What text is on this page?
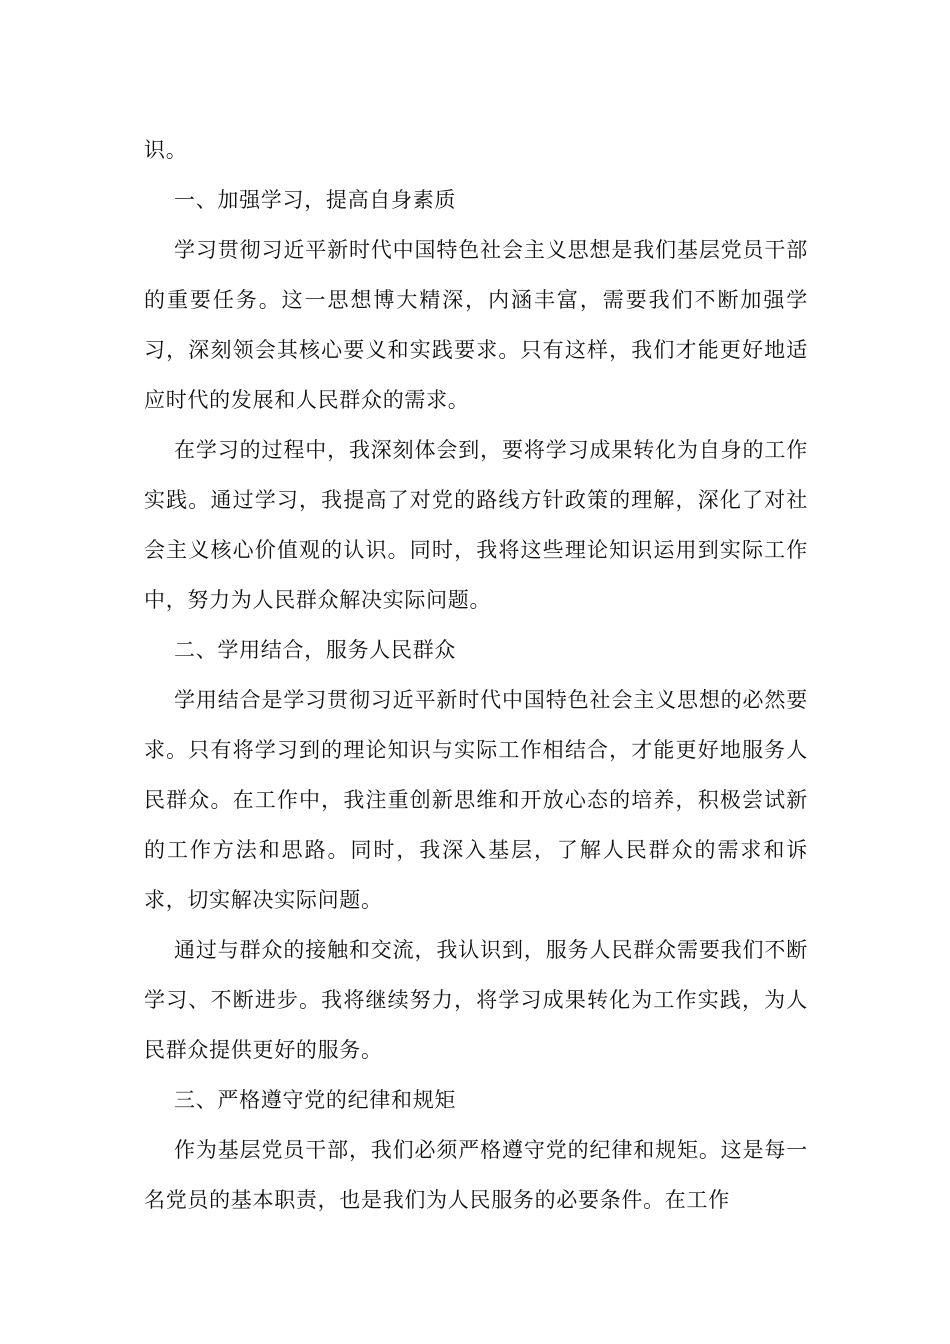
识。

一、加强学习，提高自身素质

学习贯彻习近平新时代中国特色社会主义思想是我们基层党员干部的重要任务。这一思想博大精深，内涵丰富，需要我们不断加强学习，深刻领会其核心要义和实践要求。只有这样，我们才能更好地适应时代的发展和人民群众的需求。

在学习的过程中，我深刻体会到，要将学习成果转化为自身的工作实践。通过学习，我提高了对党的路线方针政策的理解，深化了对社会主义核心价值观的认识。同时，我将这些理论知识运用到实际工作中，努力为人民群众解决实际问题。

二、学用结合，服务人民群众

学用结合是学习贯彻习近平新时代中国特色社会主义思想的必然要求。只有将学习到的理论知识与实际工作相结合，才能更好地服务人民群众。在工作中，我注重创新思维和开放心态的培养，积极尝试新的工作方法和思路。同时，我深入基层，了解人民群众的需求和诉求，切实解决实际问题。

通过与群众的接触和交流，我认识到，服务人民群众需要我们不断学习、不断进步。我将继续努力，将学习成果转化为工作实践，为人民群众提供更好的服务。

三、严格遵守党的纪律和规矩

作为基层党员干部，我们必须严格遵守党的纪律和规矩。这是每一名党员的基本职责，也是我们为人民服务的必要条件。在工作
